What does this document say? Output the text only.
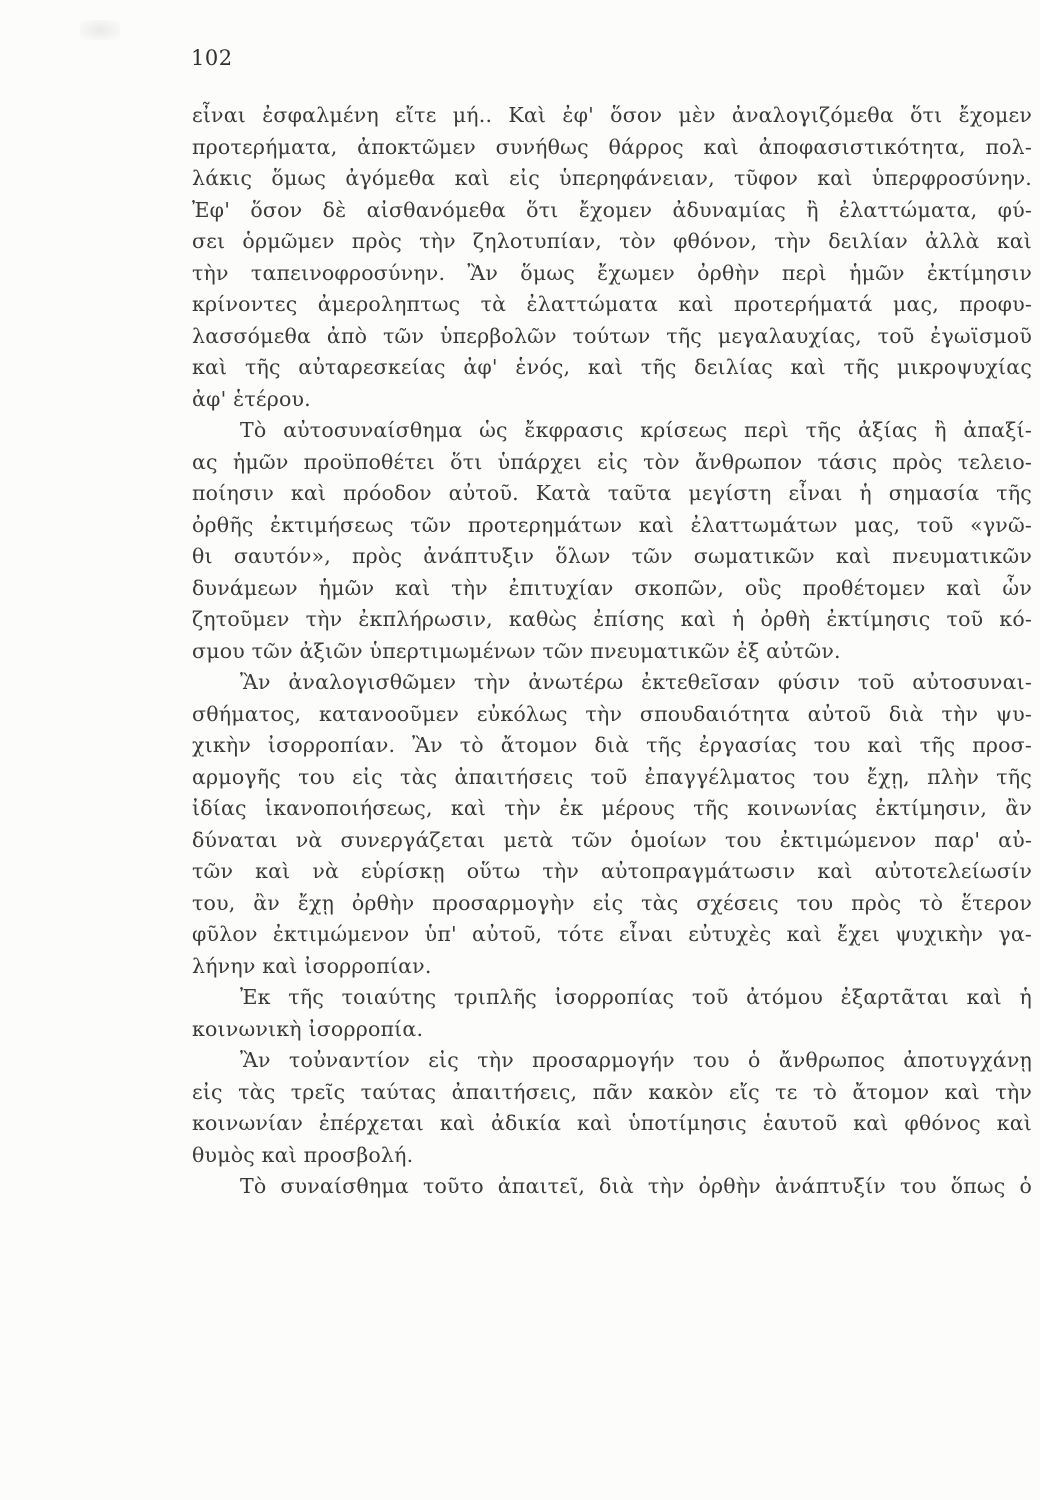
102
εἶναι ἐσφαλμένη εἴτε μή.. Καὶ ἐφ' ὅσον μὲν ἀναλογιζόμεθα ὅτι ἔχομεν
προτερήματα, ἀποκτῶμεν συνήθως θάρρος καὶ ἀποφασιστικότητα, πολ-
λάκις ὅμως ἀγόμεθα καὶ εἰς ὑπερηφάνειαν, τῦφον καὶ ὑπερφροσύνην.
Ἐφ' ὅσον δὲ αἰσθανόμεθα ὅτι ἔχομεν ἀδυναμίας ἢ ἐλαττώματα, φύ-
σει ὁρμῶμεν πρὸς τὴν ζηλοτυπίαν, τὸν φθόνον, τὴν δειλίαν ἀλλὰ καὶ
τὴν ταπεινοφροσύνην. Ἂν ὅμως ἔχωμεν ὀρθὴν περὶ ἡμῶν ἐκτίμησιν
κρίνοντες ἀμεροληπτως τὰ ἐλαττώματα καὶ προτερήματά μας, προφυ-
λασσόμεθα ἀπὸ τῶν ὑπερβολῶν τούτων τῆς μεγαλαυχίας, τοῦ ἐγωϊσμοῦ
καὶ τῆς αὐταρεσκείας ἀφ' ἑνός, καὶ τῆς δειλίας καὶ τῆς μικροψυχίας
ἀφ' ἑτέρου.
Τὸ αὐτοσυναίσθημα ὡς ἔκφρασις κρίσεως περὶ τῆς ἀξίας ἢ ἀπαξί-
ας ἡμῶν προϋποθέτει ὅτι ὑπάρχει εἰς τὸν ἄνθρωπον τάσις πρὸς τελειο-
ποίησιν καὶ πρόοδον αὐτοῦ. Κατὰ ταῦτα μεγίστη εἶναι ἡ σημασία τῆς
ὀρθῆς ἐκτιμήσεως τῶν προτερημάτων καὶ ἐλαττωμάτων μας, τοῦ «γνῶ-
θι σαυτόν», πρὸς ἀνάπτυξιν ὅλων τῶν σωματικῶν καὶ πνευματικῶν
δυνάμεων ἡμῶν καὶ τὴν ἐπιτυχίαν σκοπῶν, οὓς προθέτομεν καὶ ὧν
ζητοῦμεν τὴν ἐκπλήρωσιν, καθὼς ἐπίσης καὶ ἡ ὀρθὴ ἐκτίμησις τοῦ κό-
σμου τῶν ἀξιῶν ὑπερτιμωμένων τῶν πνευματικῶν ἐξ αὐτῶν.
Ἂν ἀναλογισθῶμεν τὴν ἀνωτέρω ἐκτεθεῖσαν φύσιν τοῦ αὐτοσυναι-
σθήματος, κατανοοῦμεν εὐκόλως τὴν σπουδαιότητα αὐτοῦ διὰ τὴν ψυ-
χικὴν ἰσορροπίαν. Ἂν τὸ ἄτομον διὰ τῆς ἐργασίας του καὶ τῆς προσ-
αρμογῆς του εἰς τὰς ἀπαιτήσεις τοῦ ἐπαγγέλματος του ἔχῃ, πλὴν τῆς
ἰδίας ἱκανοποιήσεως, καὶ τὴν ἐκ μέρους τῆς κοινωνίας ἐκτίμησιν, ἂν
δύναται νὰ συνεργάζεται μετὰ τῶν ὁμοίων του ἐκτιμώμενον παρ' αὐ-
τῶν καὶ νὰ εὑρίσκῃ οὕτω τὴν αὐτοπραγμάτωσιν καὶ αὐτοτελείωσίν
του, ἂν ἔχῃ ὀρθὴν προσαρμογὴν εἰς τὰς σχέσεις του πρὸς τὸ ἕτερον
φῦλον ἐκτιμώμενον ὑπ' αὐτοῦ, τότε εἶναι εὐτυχὲς καὶ ἔχει ψυχικὴν γα-
λήνην καὶ ἰσορροπίαν.
Ἐκ τῆς τοιαύτης τριπλῆς ἰσορροπίας τοῦ ἀτόμου ἐξαρτᾶται καὶ ἡ
κοινωνικὴ ἰσορροπία.
Ἂν τοὐναντίον εἰς τὴν προσαρμογήν του ὁ ἄνθρωπος ἀποτυγχάνῃ
εἰς τὰς τρεῖς ταύτας ἀπαιτήσεις, πᾶν κακὸν εἴς τε τὸ ἄτομον καὶ τὴν
κοινωνίαν ἐπέρχεται καὶ ἀδικία καὶ ὑποτίμησις ἑαυτοῦ καὶ φθόνος καὶ
θυμὸς καὶ προσβολή.
Τὸ συναίσθημα τοῦτο ἀπαιτεῖ, διὰ τὴν ὀρθὴν ἀνάπτυξίν του ὅπως ὁ
